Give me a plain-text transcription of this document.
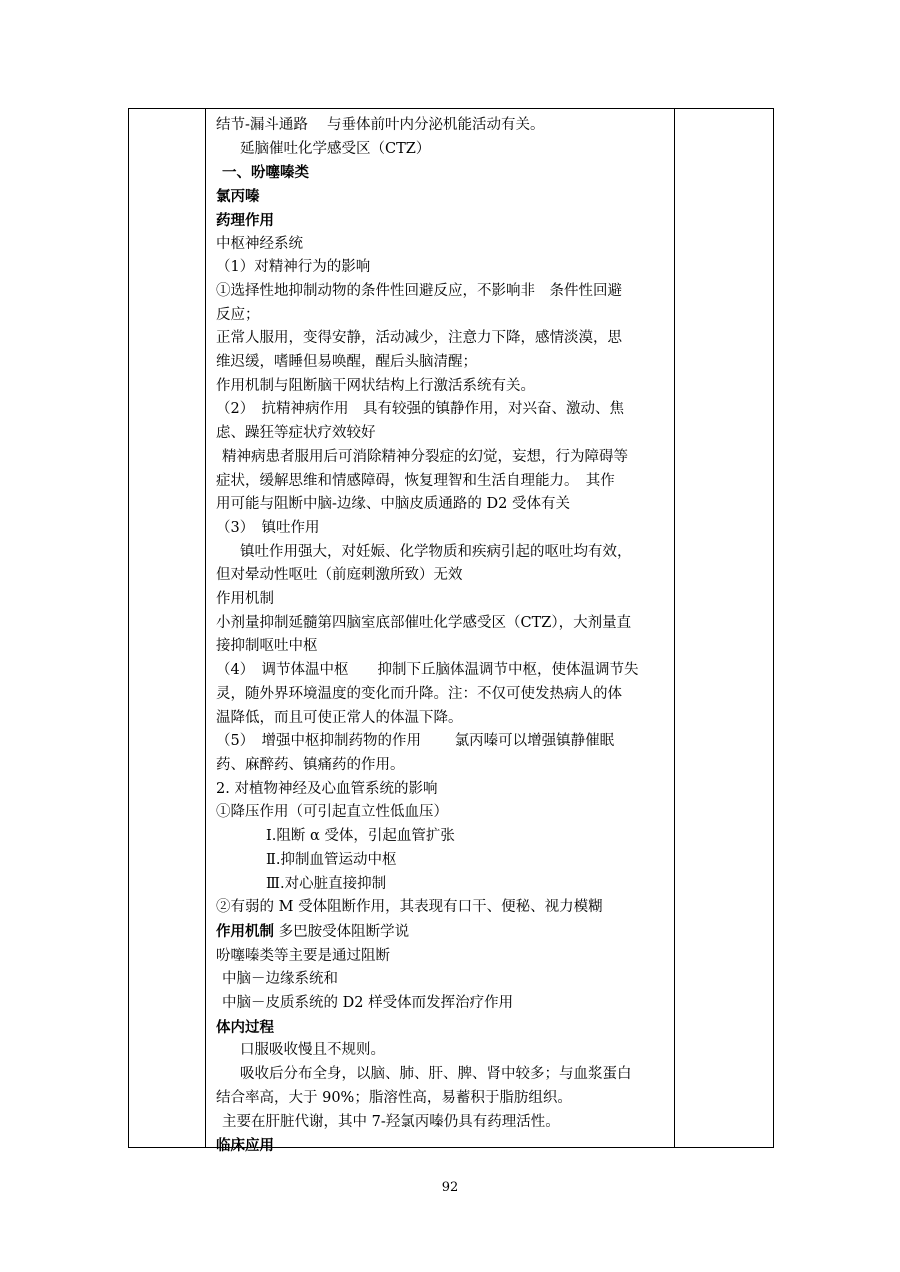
结节-漏斗通路　 与垂体前叶内分泌机能活动有关。

延脑催吐化学感受区（CTZ）

一、吩噻嗪类

氯丙嗪

药理作用

中枢神经系统

（1）对精神行为的影响

①选择性地抑制动物的条件性回避反应，不影响非　条件性回避

反应；

正常人服用，变得安静，活动减少，注意力下降，感情淡漠，思

维迟缓，嗜睡但易唤醒，醒后头脑清醒；

作用机制与阻断脑干网状结构上行激活系统有关。

（2）　抗精神病作用　具有较强的镇静作用，对兴奋、激动、焦

虑、躁狂等症状疗效较好

精神病患者服用后可消除精神分裂症的幻觉，妄想，行为障碍等

症状，缓解思维和情感障碍，恢复理智和生活自理能力。　其作

用可能与阻断中脑-边缘、中脑皮质通路的 D2 受体有关

（3）　镇吐作用

镇吐作用强大，对妊娠、化学物质和疾病引起的呕吐均有效，

但对晕动性呕吐（前庭刺激所致）无效

作用机制

小剂量抑制延髓第四脑室底部催吐化学感受区（CTZ），大剂量直

接抑制呕吐中枢

（4）　调节体温中枢　　抑制下丘脑体温调节中枢，使体温调节失

灵，随外界环境温度的变化而升降。注：不仅可使发热病人的体

温降低，而且可使正常人的体温下降。

（5）　增强中枢抑制药物的作用　　 氯丙嗪可以增强镇静催眠

药、麻醉药、镇痛药的作用。

2. 对植物神经及心血管系统的影响

①降压作用（可引起直立性低血压）

Ⅰ.阻断 α 受体，引起血管扩张

Ⅱ.抑制血管运动中枢

Ⅲ.对心脏直接抑制

②有弱的 M 受体阻断作用，其表现有口干、便秘、视力模糊

作用机制 多巴胺受体阻断学说

吩噻嗪类等主要是通过阻断

中脑－边缘系统和

中脑－皮质系统的 D2 样受体而发挥治疗作用

体内过程

口服吸收慢且不规则。

吸收后分布全身，以脑、肺、肝、脾、肾中较多；与血浆蛋白

结合率高，大于 90%；脂溶性高，易蓄积于脂肪组织。

主要在肝脏代谢，其中 7-羟氯丙嗪仍具有药理活性。

临床应用

92
